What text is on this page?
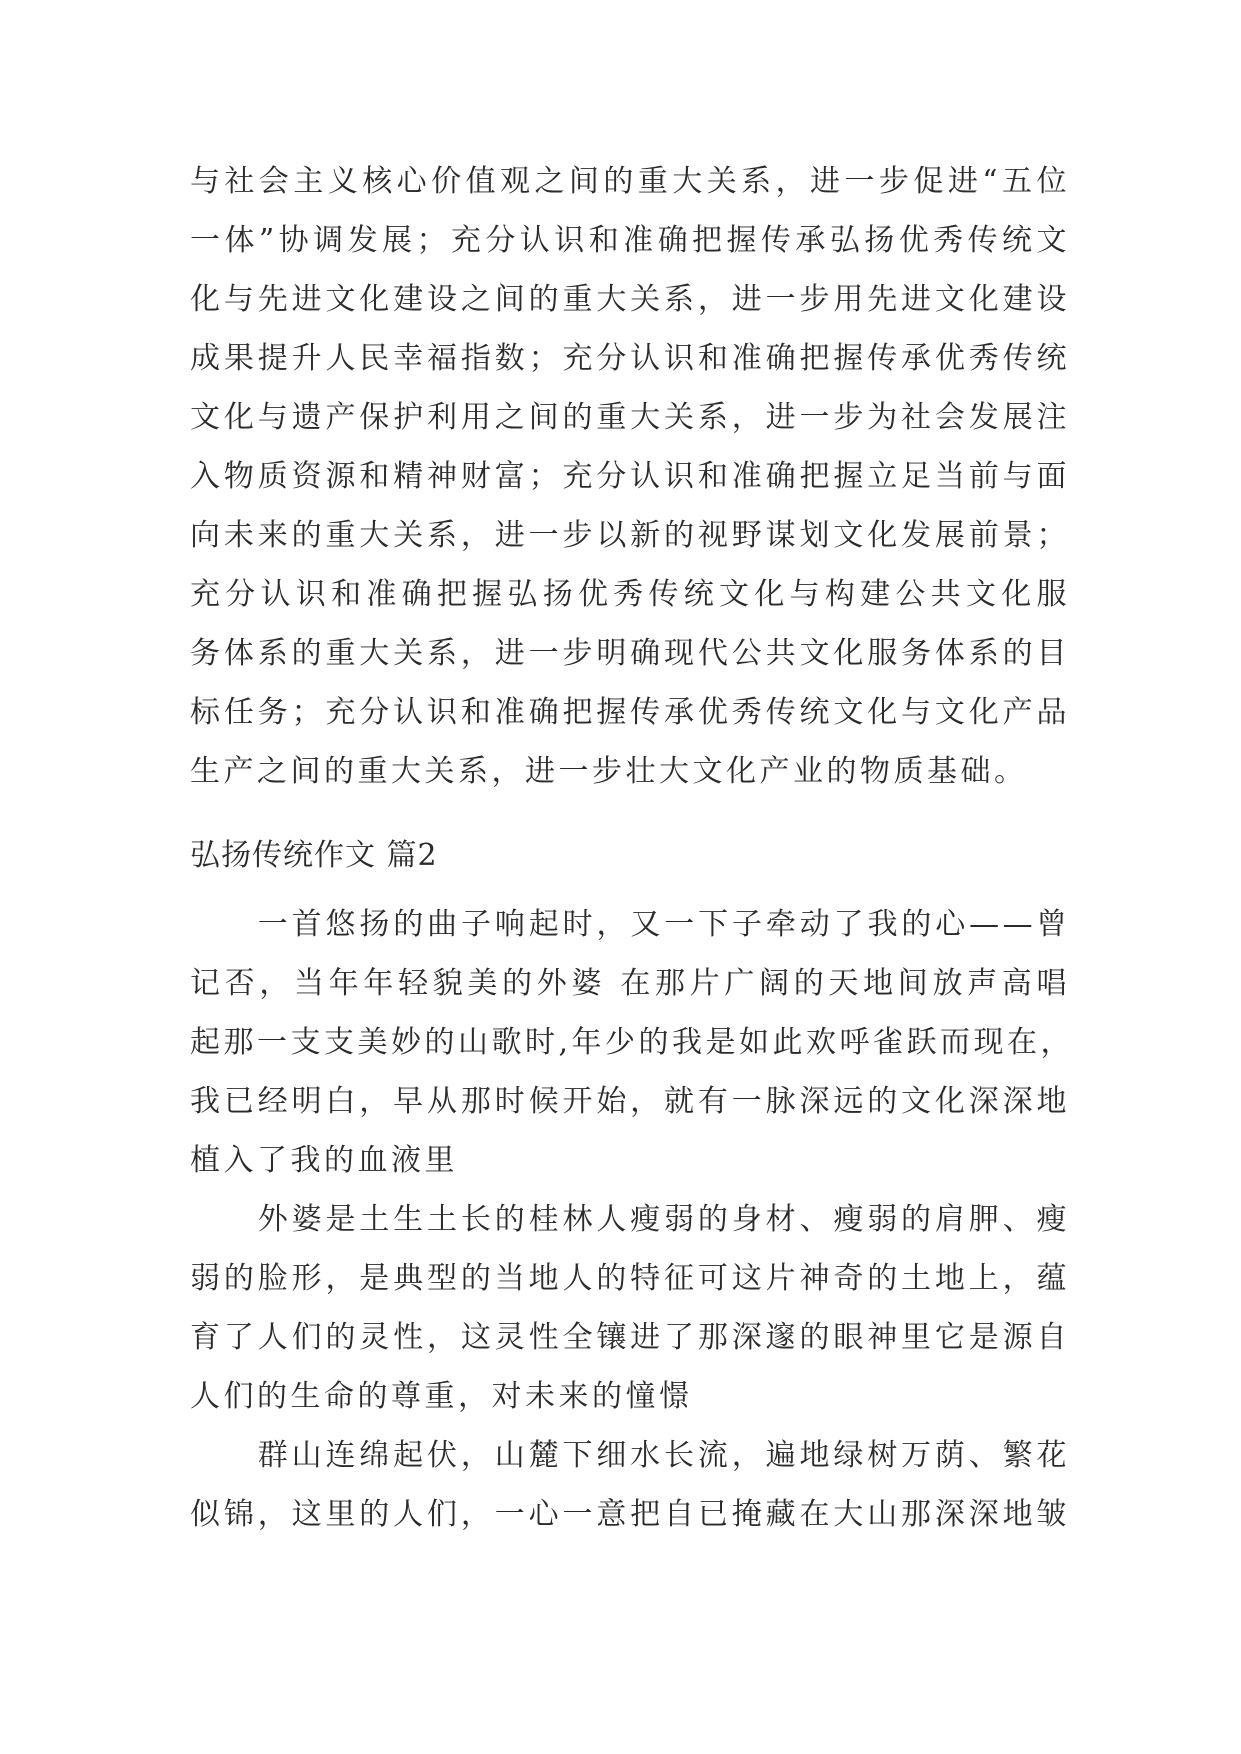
与社会主义核心价值观之间的重大关系，进一步促进“五位
一体”协调发展；充分认识和准确把握传承弘扬优秀传统文
化与先进文化建设之间的重大关系，进一步用先进文化建设
成果提升人民幸福指数；充分认识和准确把握传承优秀传统
文化与遗产保护利用之间的重大关系，进一步为社会发展注
入物质资源和精神财富；充分认识和准确把握立足当前与面
向未来的重大关系，进一步以新的视野谋划文化发展前景；
充分认识和准确把握弘扬优秀传统文化与构建公共文化服
务体系的重大关系，进一步明确现代公共文化服务体系的目
标任务；充分认识和准确把握传承优秀传统文化与文化产品
生产之间的重大关系，进一步壮大文化产业的物质基础。
弘扬传统作文 篇2
　　一首悠扬的曲子响起时，又一下子牵动了我的心——曾
记否，当年年轻貌美的外婆 在那片广阔的天地间放声高唱
起那一支支美妙的山歌时,年少的我是如此欢呼雀跃而现在，
我已经明白，早从那时候开始，就有一脉深远的文化深深地
植入了我的血液里
　　外婆是土生土长的桂林人瘦弱的身材、瘦弱的肩胛、瘦
弱的脸形，是典型的当地人的特征可这片神奇的土地上，蕴
育了人们的灵性，这灵性全镶进了那深邃的眼神里它是源自
人们的生命的尊重，对未来的憧憬
　　群山连绵起伏，山麓下细水长流，遍地绿树万荫、繁花
似锦，这里的人们，一心一意把自已掩藏在大山那深深地皱
